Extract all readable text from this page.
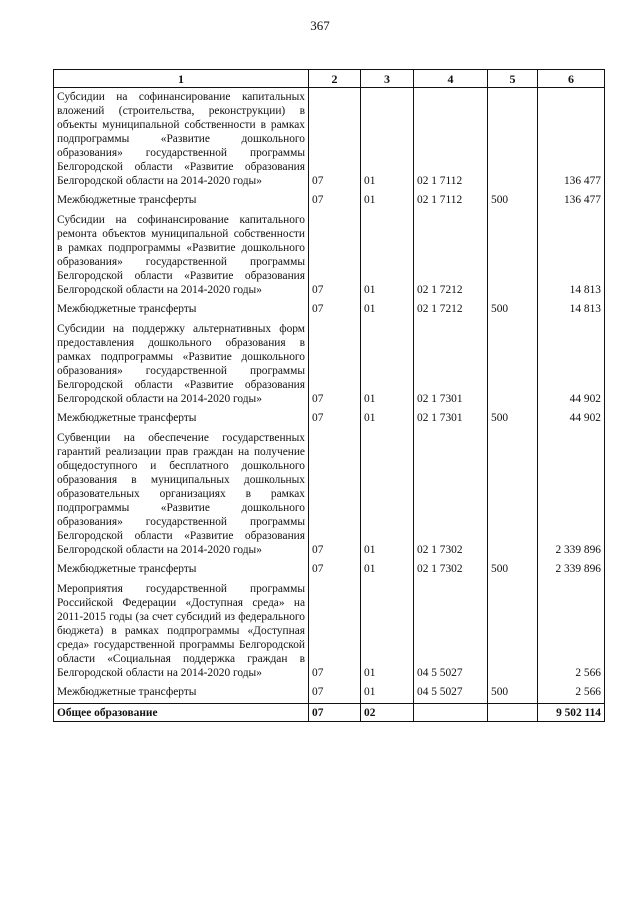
367
1	2	3	4	5	6
Субсидии на софинансирование капитальных вложений (строительства, реконструкции) в объекты муниципальной собственности в рамках подпрограммы «Развитие дошкольного образования» государственной программы Белгородской области «Развитие образования Белгородской области на 2014-2020 годы»	07	01	02 1 7112		136 477
Межбюджетные трансферты	07	01	02 1 7112	500	136 477
Субсидии на софинансирование капитального ремонта объектов муниципальной собственности в рамках подпрограммы «Развитие дошкольного образования» государственной программы Белгородской области «Развитие образования Белгородской области на 2014-2020 годы»	07	01	02 1 7212		14 813
Межбюджетные трансферты	07	01	02 1 7212	500	14 813
Субсидии на поддержку альтернативных форм предоставления дошкольного образования в рамках подпрограммы «Развитие дошкольного образования» государственной программы Белгородской области «Развитие образования Белгородской области на 2014-2020 годы»	07	01	02 1 7301		44 902
Межбюджетные трансферты	07	01	02 1 7301	500	44 902
Субвенции на обеспечение государственных гарантий реализации прав граждан на получение общедоступного и бесплатного дошкольного образования в муниципальных дошкольных образовательных организациях в рамках подпрограммы «Развитие дошкольного образования» государственной программы Белгородской области «Развитие образования Белгородской области на 2014-2020 годы»	07	01	02 1 7302		2 339 896
Межбюджетные трансферты	07	01	02 1 7302	500	2 339 896
Мероприятия государственной программы Российской Федерации «Доступная среда» на 2011-2015 годы (за счет субсидий из федерального бюджета) в рамках подпрограммы «Доступная среда» государственной программы Белгородской области «Социальная поддержка граждан в Белгородской области на 2014-2020 годы»	07	01	04 5 5027		2 566
Межбюджетные трансферты	07	01	04 5 5027	500	2 566
Общее образование	07	02			9 502 114
